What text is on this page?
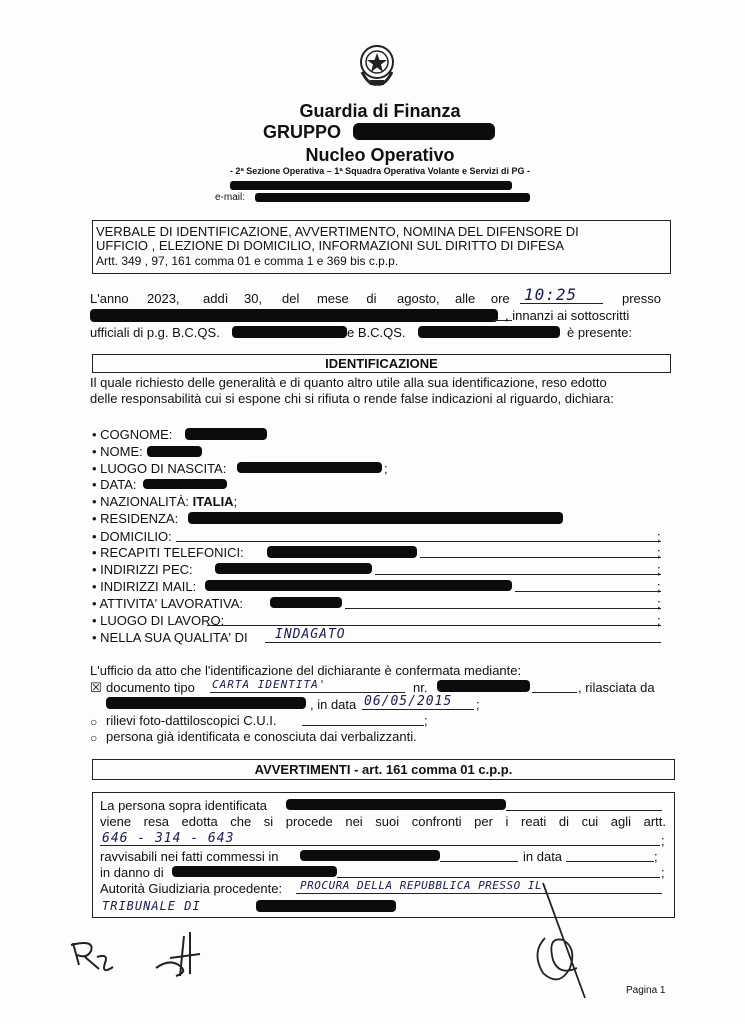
Guardia di Finanza
GRUPPO
Nucleo Operativo
- 2ª Sezione Operativa – 1ª Squadra Operativa Volante e Servizi di PG -
e-mail:
VERBALE DI IDENTIFICAZIONE, AVVERTIMENTO, NOMINA DEL DIFENSORE DI
UFFICIO , ELEZIONE DI DOMICILIO, INFORMAZIONI SUL DIRITTO DI DIFESA
Artt. 349 , 97, 161 comma 01 e comma 1 e 369 bis c.p.p.
L'anno 2023, addì 30, del mese di agosto, alle ore 10:25	presso
, innanzi ai sottoscritti
ufficiali di p.g. B.C.QS.	e B.C.QS.	è presente:
IDENTIFICAZIONE
Il quale richiesto delle generalità e di quanto altro utile alla sua identificazione, reso edotto
delle responsabilità cui si espone chi si rifiuta o rende false indicazioni al riguardo, dichiara:
• COGNOME:
• NOME:
• LUOGO DI NASCITA:	;
• DATA:
• NAZIONALITÀ: ITALIA;
• RESIDENZA:
• DOMICILIO:	;
• RECAPITI TELEFONICI:	;
• INDIRIZZI PEC:	;
• INDIRIZZI MAIL:	;
• ATTIVITA' LAVORATIVA:	;
• LUOGO DI LAVORO:	;
• NELLA SUA QUALITA' DI INDAGATO
L'ufficio da atto che l'identificazione del dichiarante è confermata mediante:
☒ documento tipo CARTA IDENTITA'	nr.	, rilasciata da
, in data 06/05/2015 ;
○ rilievi foto-dattiloscopici C.U.I.	;
○ persona già identificata e conosciuta dai verbalizzanti.
AVVERTIMENTI - art. 161 comma 01 c.p.p.
La persona sopra identificata
viene resa edotta che si procede nei suoi confronti per i reati di cui agli artt.
646 - 314 - 643	;
ravvisabili nei fatti commessi in	in data	;
in danno di	;
Autorità Giudiziaria procedente: PROCURA DELLA REPUBBLICA PRESSO IL
TRIBUNALE DI
Pagina 1
